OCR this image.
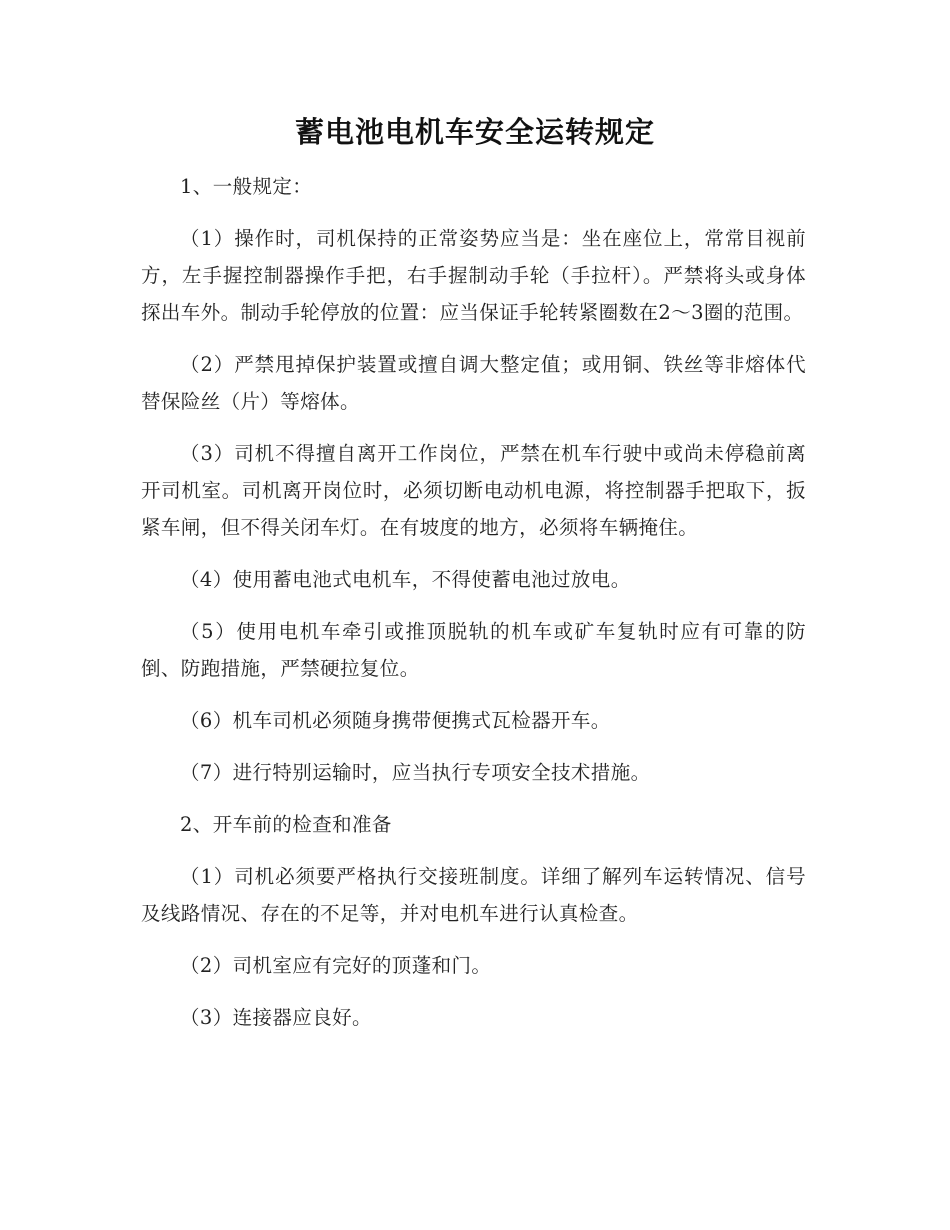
蓄电池电机车安全运转规定

1、一般规定：

（1）操作时，司机保持的正常姿势应当是：坐在座位上，常常目视前方，左手握控制器操作手把，右手握制动手轮（手拉杆）。严禁将头或身体探出车外。制动手轮停放的位置：应当保证手轮转紧圈数在2～3圈的范围。

（2）严禁甩掉保护装置或擅自调大整定值；或用铜、铁丝等非熔体代替保险丝（片）等熔体。

（3）司机不得擅自离开工作岗位，严禁在机车行驶中或尚未停稳前离开司机室。司机离开岗位时，必须切断电动机电源，将控制器手把取下，扳紧车闸，但不得关闭车灯。在有坡度的地方，必须将车辆掩住。

（4）使用蓄电池式电机车，不得使蓄电池过放电。

（5）使用电机车牵引或推顶脱轨的机车或矿车复轨时应有可靠的防倒、防跑措施，严禁硬拉复位。

（6）机车司机必须随身携带便携式瓦检器开车。

（7）进行特别运输时，应当执行专项安全技术措施。

2、开车前的检查和准备

（1）司机必须要严格执行交接班制度。详细了解列车运转情况、信号及线路情况、存在的不足等，并对电机车进行认真检查。

（2）司机室应有完好的顶蓬和门。

（3）连接器应良好。
